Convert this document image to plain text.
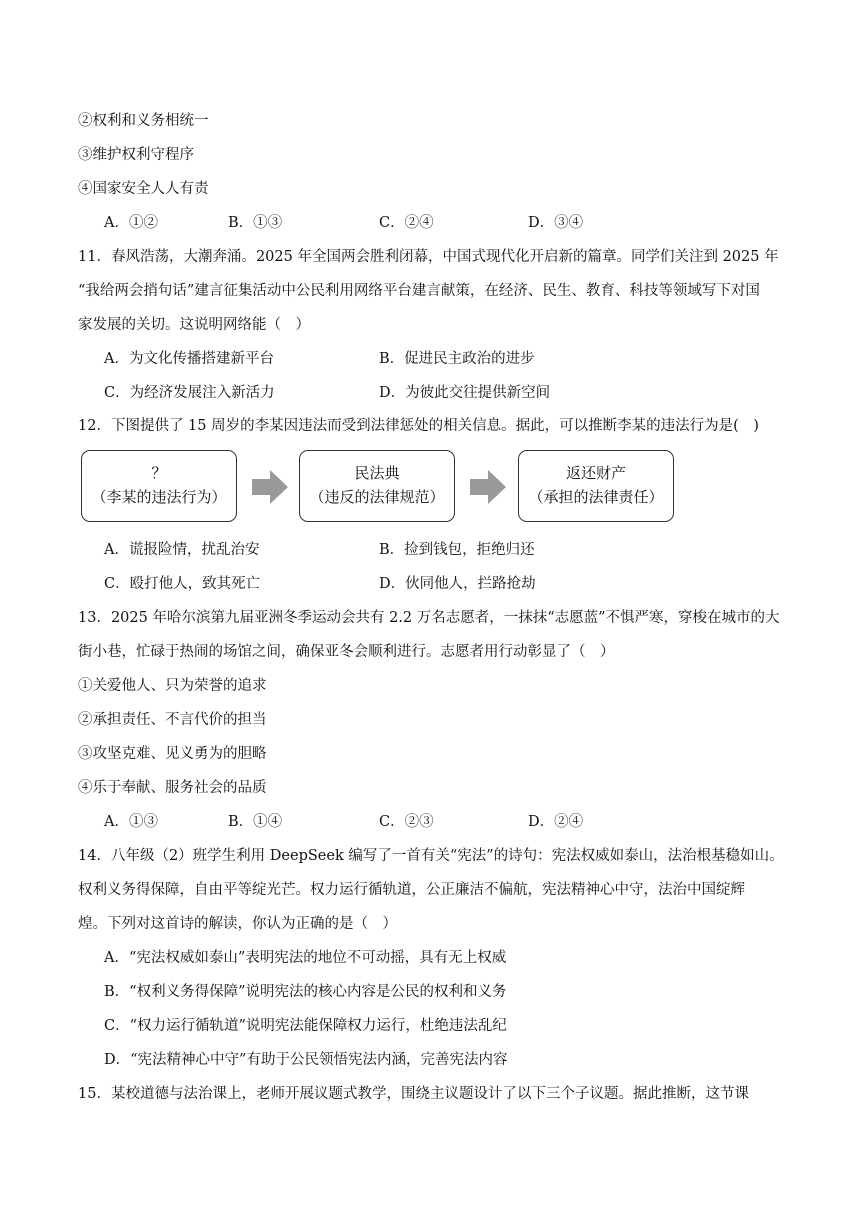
②权利和义务相统一
③维护权利守程序
④国家安全人人有责
A．①②	B．①③	C．②④	D．③④
11．春风浩荡，大潮奔涌。2025 年全国两会胜利闭幕，中国式现代化开启新的篇章。同学们关注到 2025 年
“我给两会捎句话”建言征集活动中公民利用网络平台建言献策，在经济、民生、教育、科技等领域写下对国
家发展的关切。这说明网络能（　）
A．为文化传播搭建新平台	B．促进民主政治的进步
C．为经济发展注入新活力	D．为彼此交往提供新空间
12．下图提供了 15 周岁的李某因违法而受到法律惩处的相关信息。据此，可以推断李某的违法行为是(　)
？
（李某的违法行为）
民法典
（违反的法律规范）
返还财产
（承担的法律责任）
A．谎报险情，扰乱治安	B．捡到钱包，拒绝归还
C．殴打他人，致其死亡	D．伙同他人，拦路抢劫
13．2025 年哈尔滨第九届亚洲冬季运动会共有 2.2 万名志愿者，一抹抹“志愿蓝”不惧严寒，穿梭在城市的大
街小巷，忙碌于热闹的场馆之间，确保亚冬会顺利进行。志愿者用行动彰显了（　）
①关爱他人、只为荣誉的追求
②承担责任、不言代价的担当
③攻坚克难、见义勇为的胆略
④乐于奉献、服务社会的品质
A．①③	B．①④	C．②③	D．②④
14．八年级（2）班学生利用 DeepSeek 编写了一首有关“宪法”的诗句：宪法权威如泰山，法治根基稳如山。
权利义务得保障，自由平等绽光芒。权力运行循轨道，公正廉洁不偏航，宪法精神心中守，法治中国绽辉
煌。下列对这首诗的解读，你认为正确的是（　）
A．“宪法权威如泰山”表明宪法的地位不可动摇，具有无上权威
B．“权利义务得保障”说明宪法的核心内容是公民的权利和义务
C．“权力运行循轨道”说明宪法能保障权力运行，杜绝违法乱纪
D．“宪法精神心中守”有助于公民领悟宪法内涵，完善宪法内容
15．某校道德与法治课上，老师开展议题式教学，围绕主议题设计了以下三个子议题。据此推断，这节课
